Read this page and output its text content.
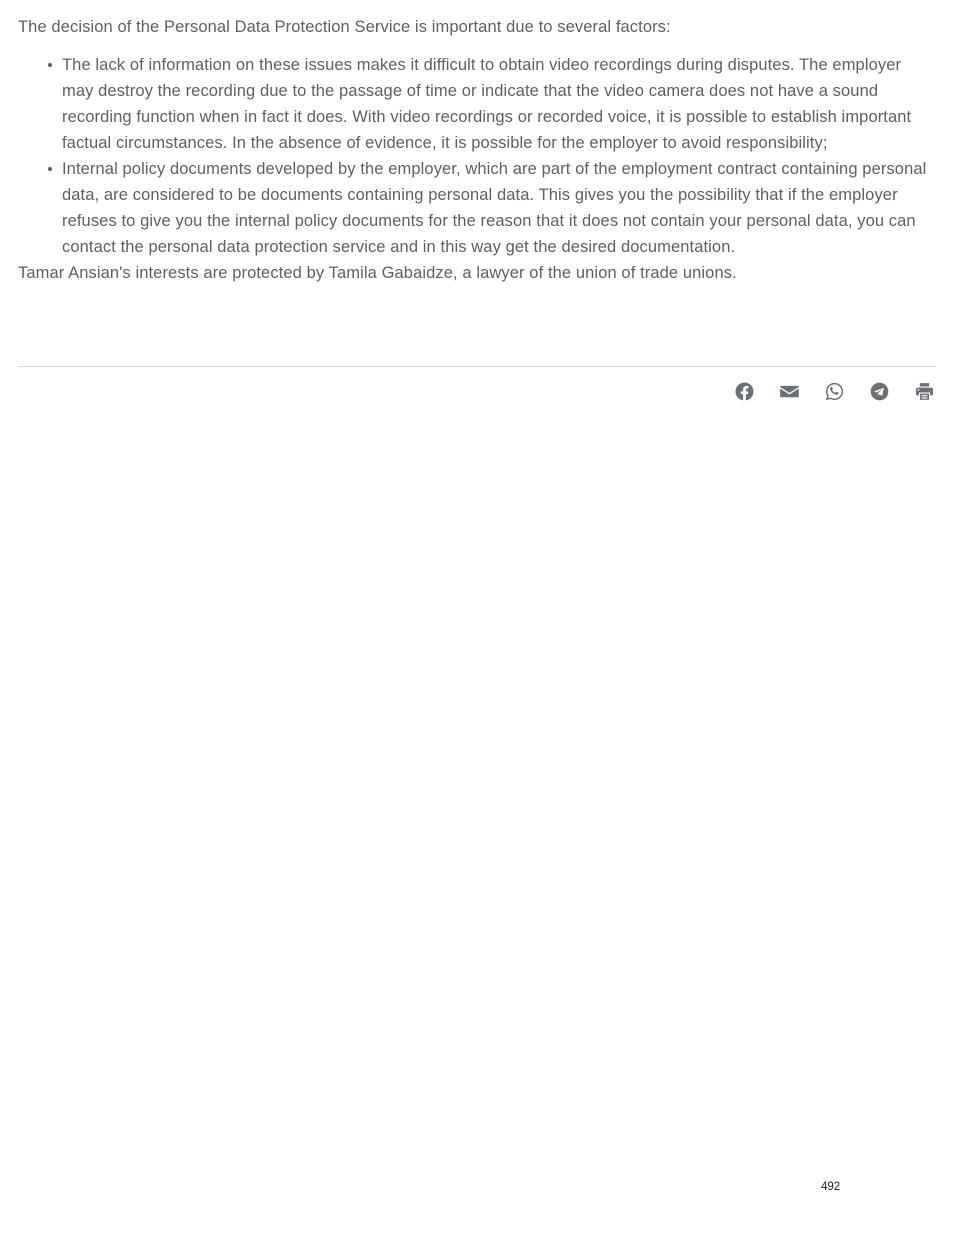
The decision of the Personal Data Protection Service is important due to several factors:

The lack of information on these issues makes it difficult to obtain video recordings during disputes. The employer may destroy the recording due to the passage of time or indicate that the video camera does not have a sound recording function when in fact it does. With video recordings or recorded voice, it is possible to establish important factual circumstances. In the absence of evidence, it is possible for the employer to avoid responsibility;
Internal policy documents developed by the employer, which are part of the employment contract containing personal data, are considered to be documents containing personal data. This gives you the possibility that if the employer refuses to give you the internal policy documents for the reason that it does not contain your personal data, you can contact the personal data protection service and in this way get the desired documentation.

Tamar Ansian's interests are protected by Tamila Gabaidze, a lawyer of the union of trade unions.

492
